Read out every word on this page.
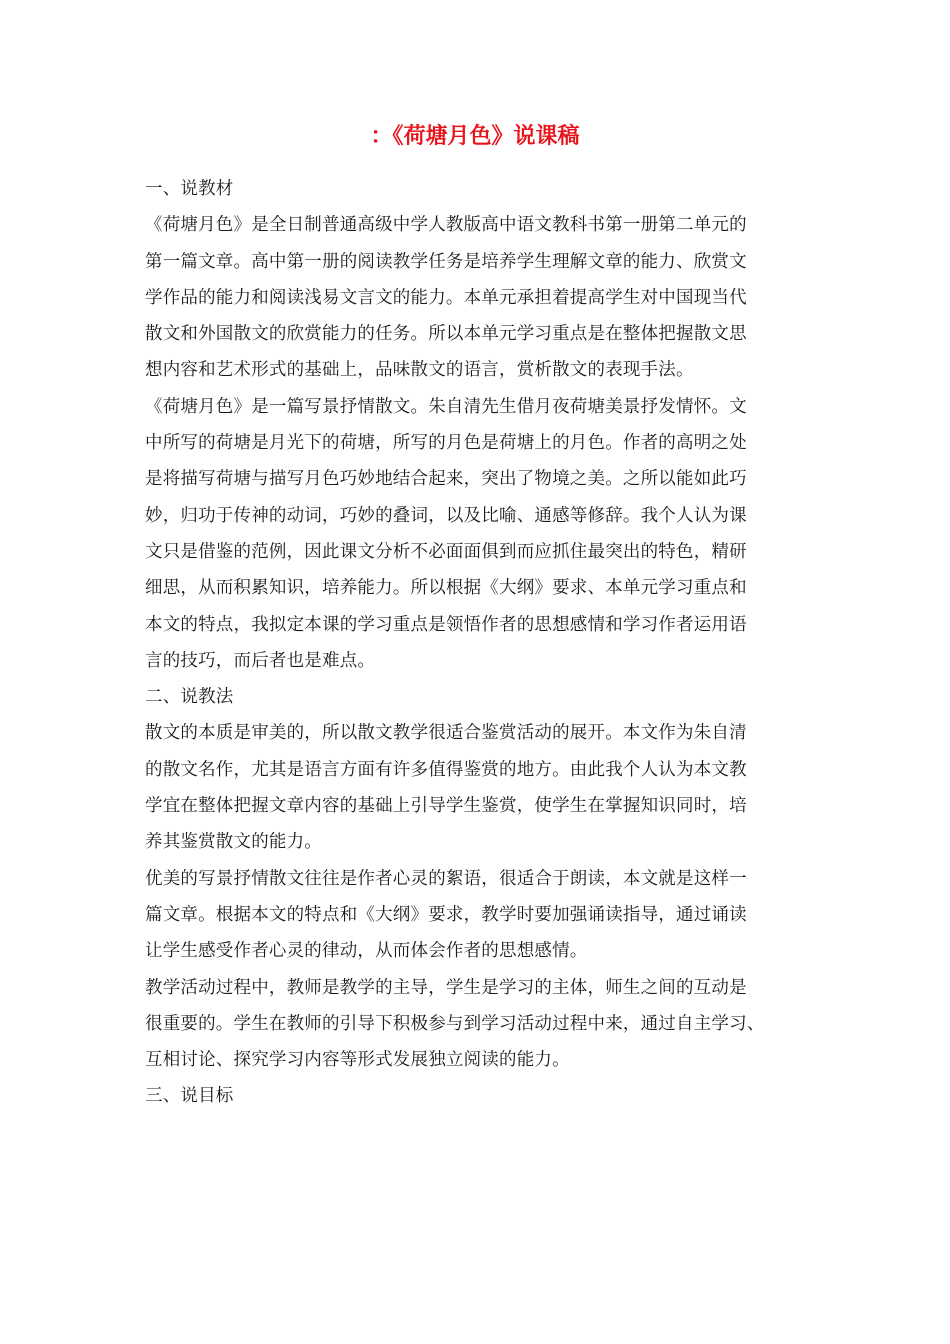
：《荷塘月色》说课稿
一、说教材
《荷塘月色》是全日制普通高级中学人教版高中语文教科书第一册第二单元的
第一篇文章。高中第一册的阅读教学任务是培养学生理解文章的能力、欣赏文
学作品的能力和阅读浅易文言文的能力。本单元承担着提高学生对中国现当代
散文和外国散文的欣赏能力的任务。所以本单元学习重点是在整体把握散文思
想内容和艺术形式的基础上，品味散文的语言，赏析散文的表现手法。
《荷塘月色》是一篇写景抒情散文。朱自清先生借月夜荷塘美景抒发情怀。文
中所写的荷塘是月光下的荷塘，所写的月色是荷塘上的月色。作者的高明之处
是将描写荷塘与描写月色巧妙地结合起来，突出了物境之美。之所以能如此巧
妙，归功于传神的动词，巧妙的叠词，以及比喻、通感等修辞。我个人认为课
文只是借鉴的范例，因此课文分析不必面面俱到而应抓住最突出的特色，精研
细思，从而积累知识，培养能力。所以根据《大纲》要求、本单元学习重点和
本文的特点，我拟定本课的学习重点是领悟作者的思想感情和学习作者运用语
言的技巧，而后者也是难点。
二、说教法
散文的本质是审美的，所以散文教学很适合鉴赏活动的展开。本文作为朱自清
的散文名作，尤其是语言方面有许多值得鉴赏的地方。由此我个人认为本文教
学宜在整体把握文章内容的基础上引导学生鉴赏，使学生在掌握知识同时，培
养其鉴赏散文的能力。
优美的写景抒情散文往往是作者心灵的絮语，很适合于朗读，本文就是这样一
篇文章。根据本文的特点和《大纲》要求，教学时要加强诵读指导，通过诵读
让学生感受作者心灵的律动，从而体会作者的思想感情。
教学活动过程中，教师是教学的主导，学生是学习的主体，师生之间的互动是
很重要的。学生在教师的引导下积极参与到学习活动过程中来，通过自主学习、
互相讨论、探究学习内容等形式发展独立阅读的能力。
三、说目标
